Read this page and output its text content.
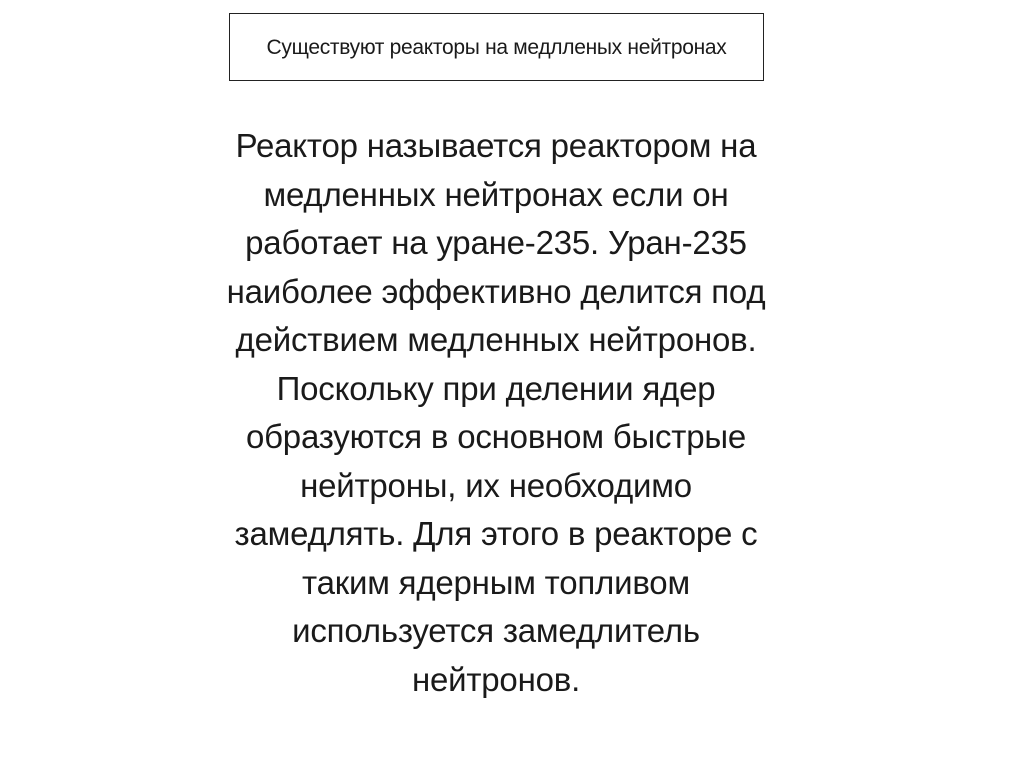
Существуют реакторы на медлленых нейтронах
Реактор называется реактором на
медленных нейтронах если он
работает на уране-235. Уран-235
наиболее эффективно делится под
действием медленных нейтронов.
Поскольку при делении ядер
образуются в основном быстрые
нейтроны, их необходимо
замедлять. Для этого в реакторе с
таким ядерным топливом
используется замедлитель
нейтронов.
